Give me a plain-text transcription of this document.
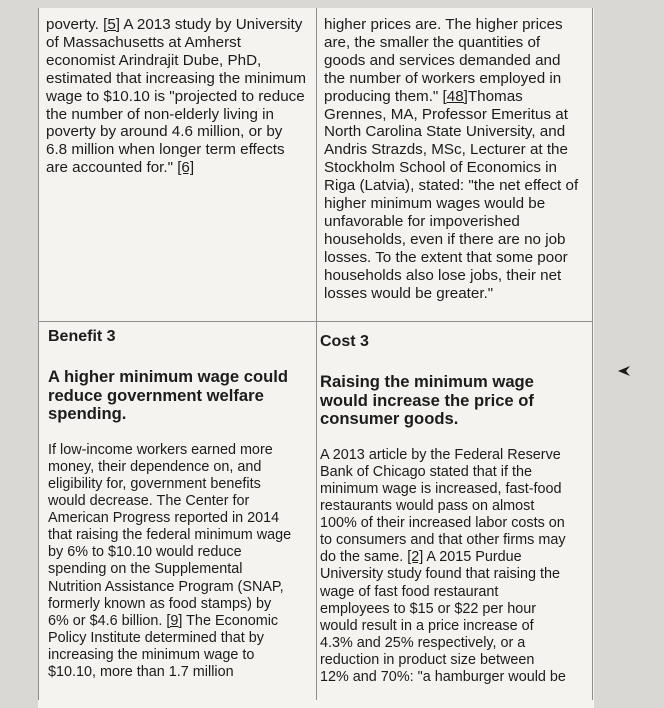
poverty. [5] A 2013 study by University

of Massachusetts at Amherst

economist Arindrajit Dube, PhD,

estimated that increasing the minimum

wage to $10.10 is "projected to reduce

the number of non-elderly living in

poverty by around 4.6 million, or by

6.8 million when longer term effects

are accounted for." [6]

higher prices are. The higher prices

are, the smaller the quantities of

goods and services demanded and

the number of workers employed in

producing them." [48]Thomas

Grennes, MA, Professor Emeritus at

North Carolina State University, and

Andris Strazds, MSc, Lecturer at the

Stockholm School of Economics in

Riga (Latvia), stated: "the net effect of

higher minimum wages would be

unfavorable for impoverished

households, even if there are no job

losses. To the extent that some poor

households also lose jobs, their net

losses would be greater."

Benefit 3

A higher minimum wage could

reduce government welfare

spending.

If low-income workers earned more

money, their dependence on, and

eligibility for, government benefits

would decrease. The Center for

American Progress reported in 2014

that raising the federal minimum wage

by 6% to $10.10 would reduce

spending on the Supplemental

Nutrition Assistance Program (SNAP,

formerly known as food stamps) by

6% or $4.6 billion. [9] The Economic

Policy Institute determined that by

increasing the minimum wage to

$10.10, more than 1.7 million

Cost 3

Raising the minimum wage

would increase the price of

consumer goods.

A 2013 article by the Federal Reserve

Bank of Chicago stated that if the

minimum wage is increased, fast-food

restaurants would pass on almost

100% of their increased labor costs on

to consumers and that other firms may

do the same. [2] A 2015 Purdue

University study found that raising the

wage of fast food restaurant

employees to $15 or $22 per hour

would result in a price increase of

4.3% and 25% respectively, or a

reduction in product size between

12% and 70%: "a hamburger would be
